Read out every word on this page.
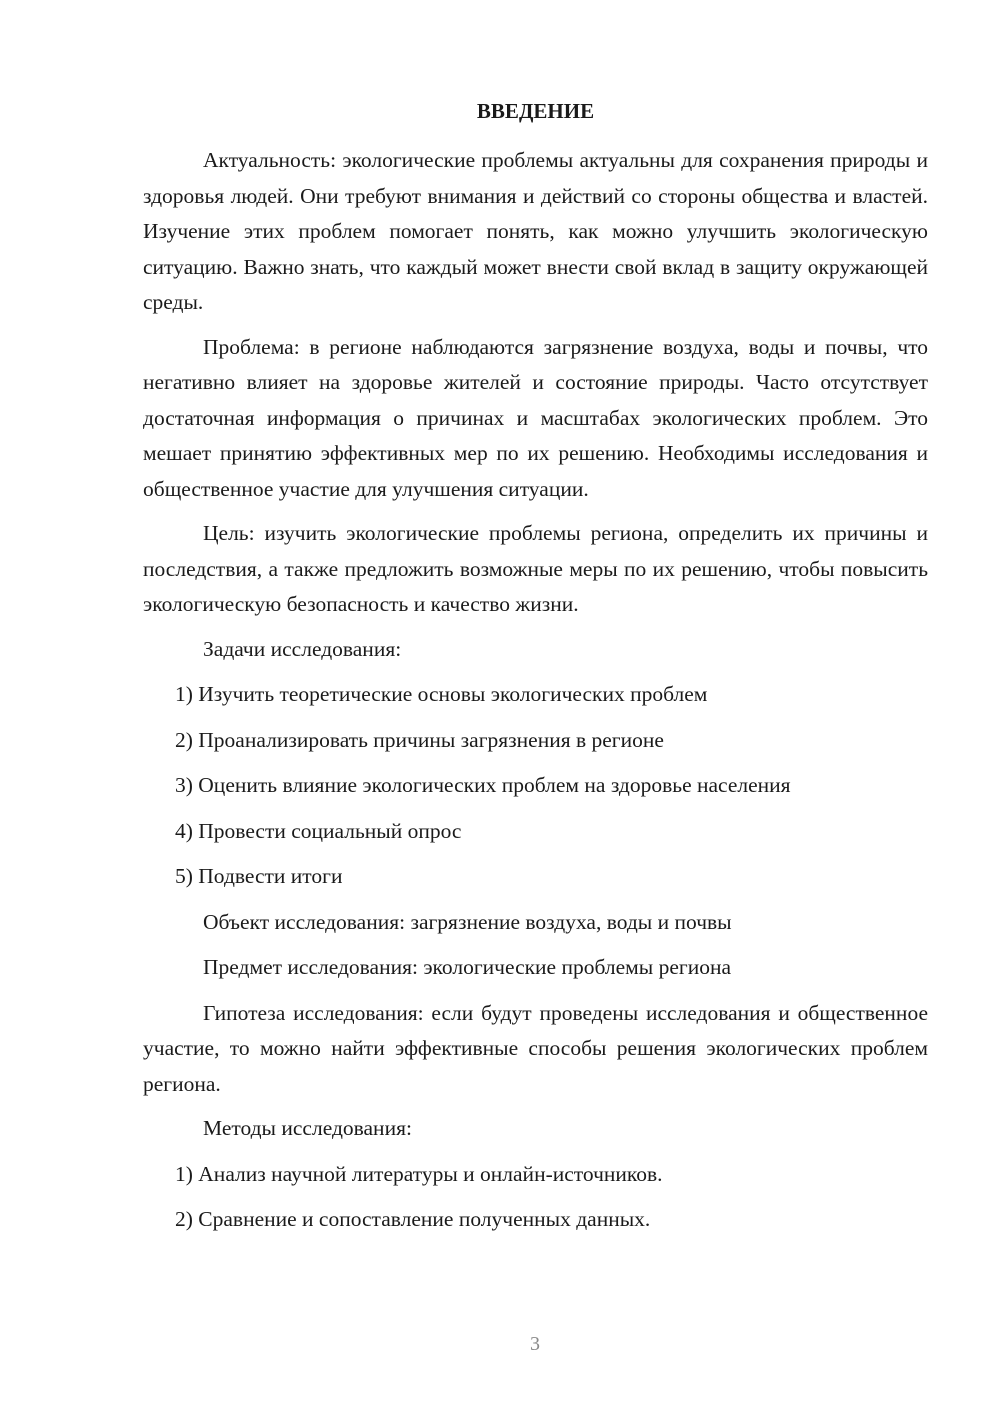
ВВЕДЕНИЕ

Актуальность: экологические проблемы актуальны для сохранения природы и здоровья людей. Они требуют внимания и действий со стороны общества и властей. Изучение этих проблем помогает понять, как можно улучшить экологическую ситуацию. Важно знать, что каждый может внести свой вклад в защиту окружающей среды.

Проблема: в регионе наблюдаются загрязнение воздуха, воды и почвы, что негативно влияет на здоровье жителей и состояние природы. Часто отсутствует достаточная информация о причинах и масштабах экологических проблем. Это мешает принятию эффективных мер по их решению. Необходимы исследования и общественное участие для улучшения ситуации.

Цель: изучить экологические проблемы региона, определить их причины и последствия, а также предложить возможные меры по их решению, чтобы повысить экологическую безопасность и качество жизни.

Задачи исследования:
1) Изучить теоретические основы экологических проблем
2) Проанализировать причины загрязнения в регионе
3) Оценить влияние экологических проблем на здоровье населения
4) Провести социальный опрос
5) Подвести итоги
Объект исследования: загрязнение воздуха, воды и почвы
Предмет исследования: экологические проблемы региона

Гипотеза исследования: если будут проведены исследования и общественное участие, то можно найти эффективные способы решения экологических проблем региона.

Методы исследования:
1) Анализ научной литературы и онлайн-источников.
2) Сравнение и сопоставление полученных данных.
3
